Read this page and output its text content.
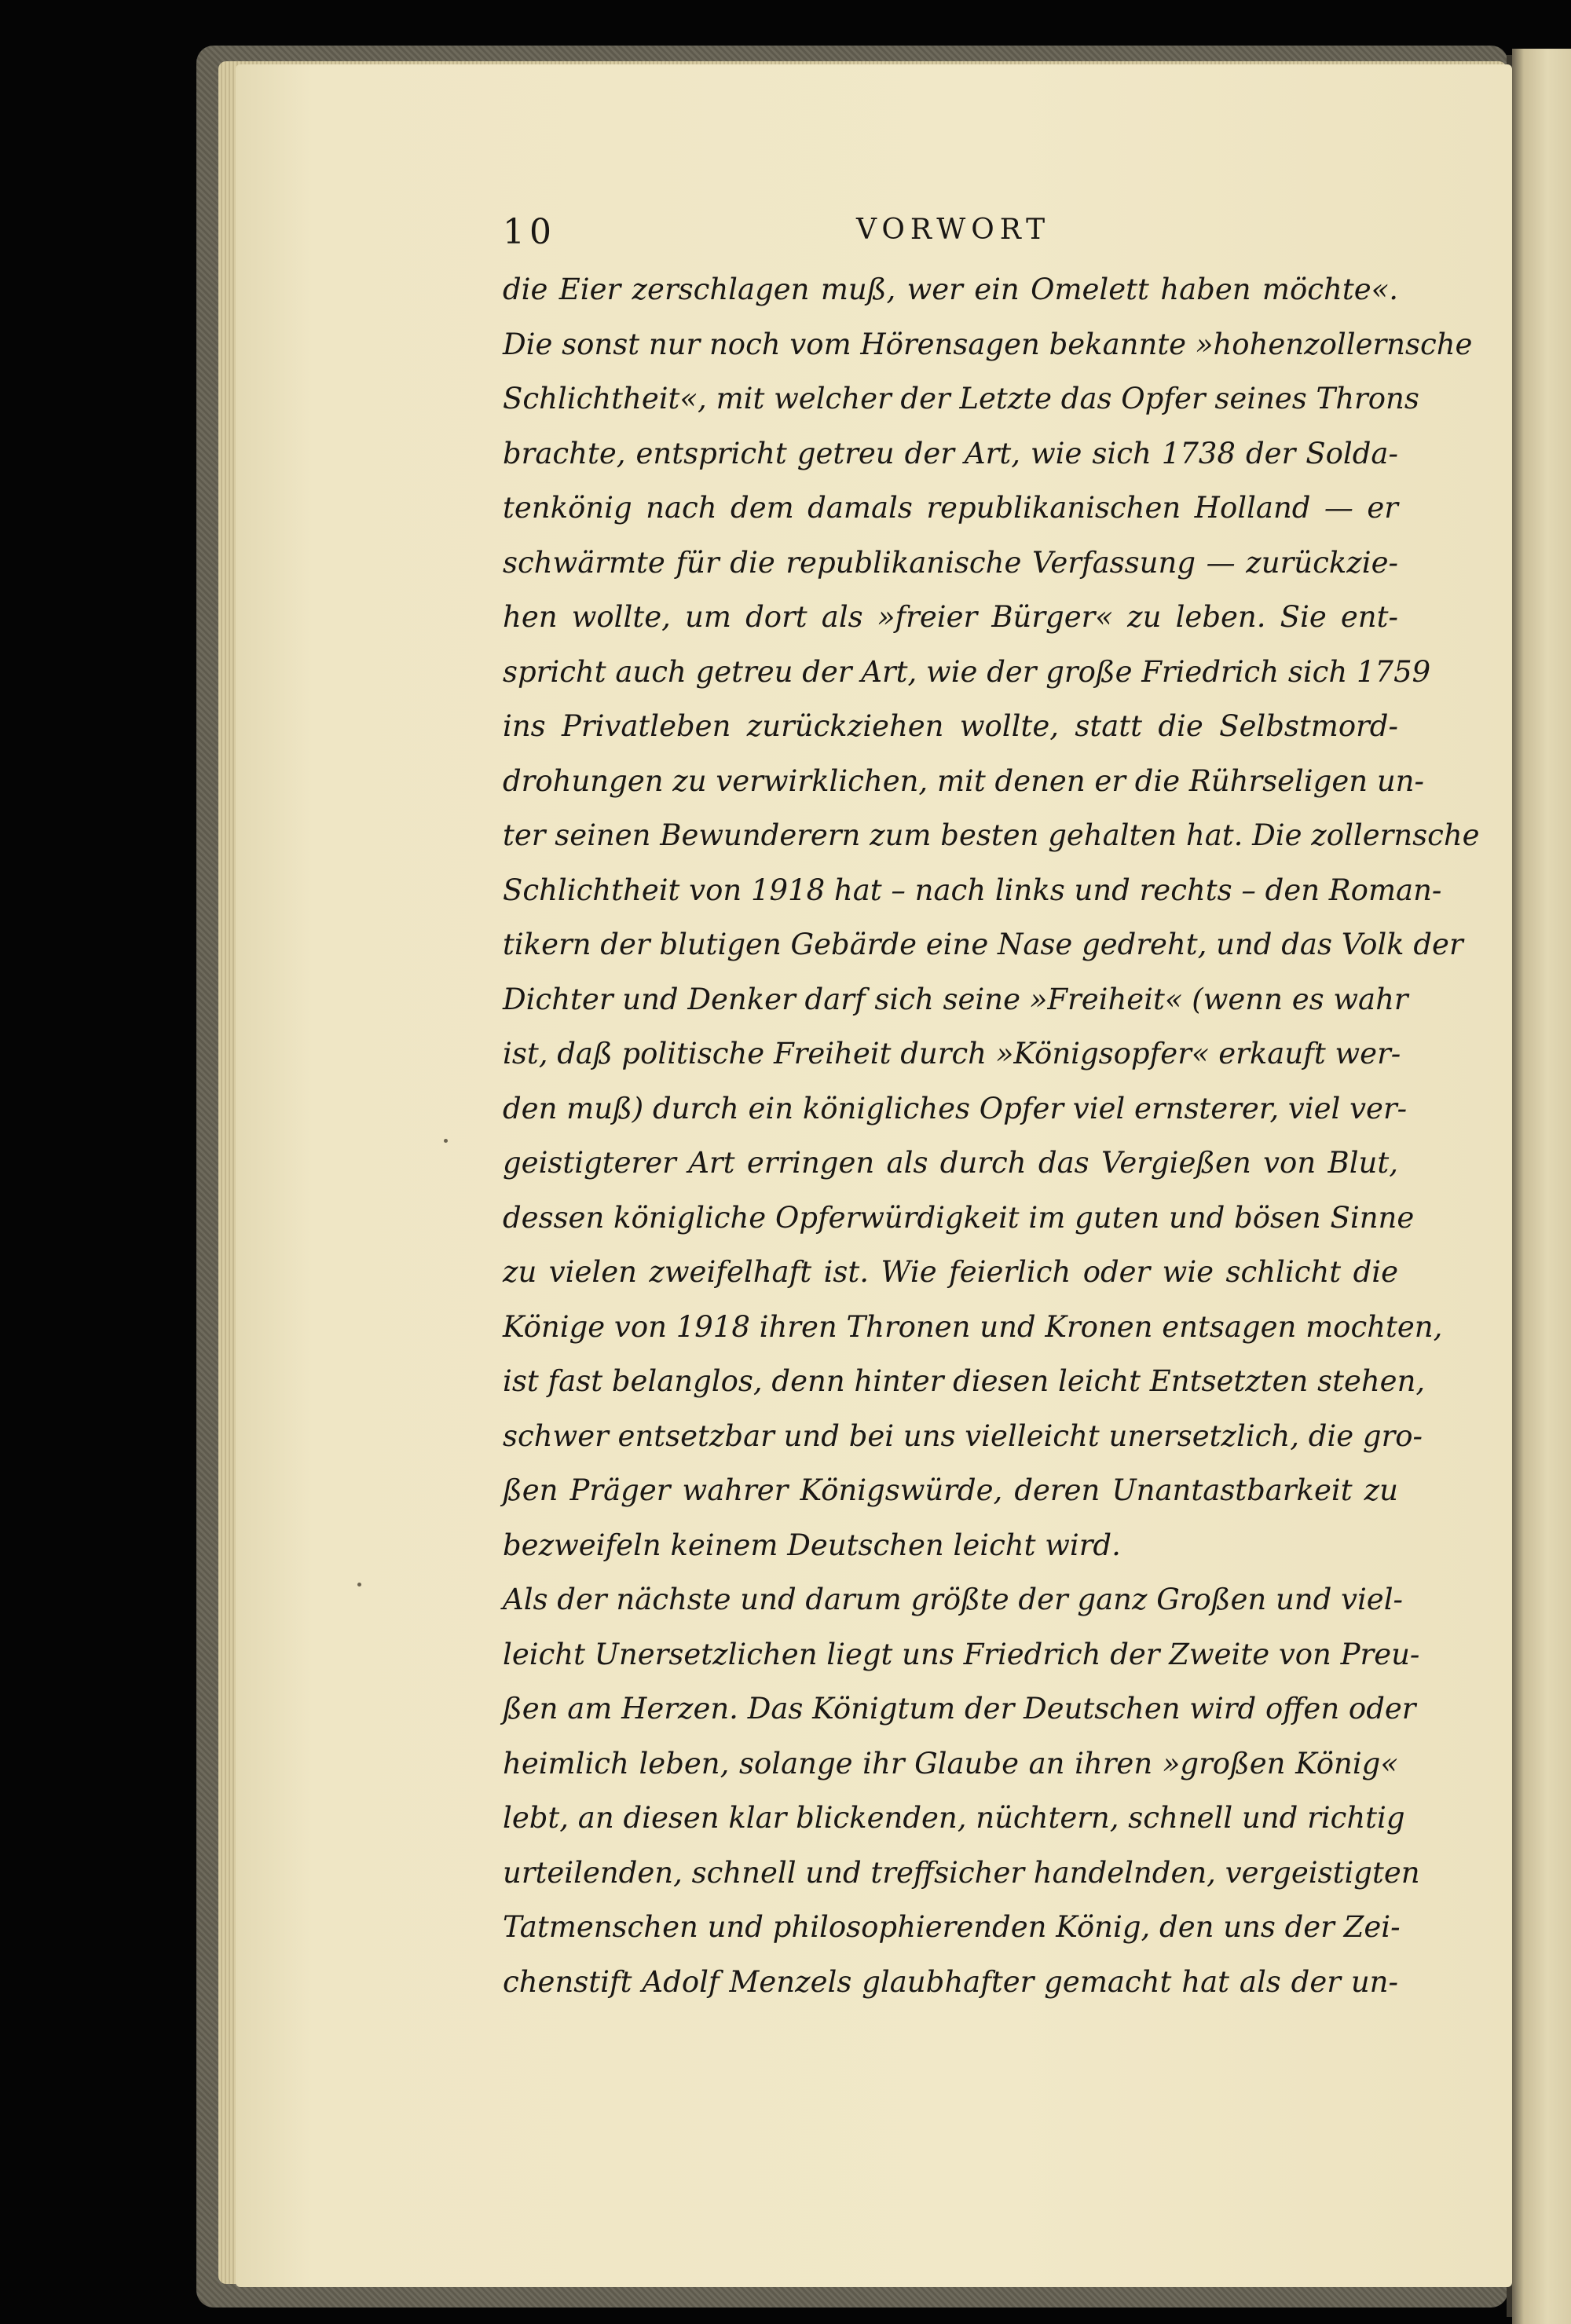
10	VORWORT
die Eier zerschlagen muß, wer ein Omelett haben möchte«.
Die sonst nur noch vom Hörensagen bekannte »hohenzollernsche
Schlichtheit«, mit welcher der Letzte das Opfer seines Throns
brachte, entspricht getreu der Art, wie sich 1738 der Solda-
tenkönig nach dem damals republikanischen Holland — er
schwärmte für die republikanische Verfassung — zurückzie-
hen wollte, um dort als »freier Bürger« zu leben. Sie ent-
spricht auch getreu der Art, wie der große Friedrich sich 1759
ins Privatleben zurückziehen wollte, statt die Selbstmord-
drohungen zu verwirklichen, mit denen er die Rührseligen un-
ter seinen Bewunderern zum besten gehalten hat. Die zollernsche
Schlichtheit von 1918 hat – nach links und rechts – den Roman-
tikern der blutigen Gebärde eine Nase gedreht, und das Volk der
Dichter und Denker darf sich seine »Freiheit« (wenn es wahr
ist, daß politische Freiheit durch »Königsopfer« erkauft wer-
den muß) durch ein königliches Opfer viel ernsterer, viel ver-
geistigterer Art erringen als durch das Vergießen von Blut,
dessen königliche Opferwürdigkeit im guten und bösen Sinne
zu vielen zweifelhaft ist. Wie feierlich oder wie schlicht die
Könige von 1918 ihren Thronen und Kronen entsagen mochten,
ist fast belanglos, denn hinter diesen leicht Entsetzten stehen,
schwer entsetzbar und bei uns vielleicht unersetzlich, die gro-
ßen Präger wahrer Königswürde, deren Unantastbarkeit zu
bezweifeln keinem Deutschen leicht wird.
Als der nächste und darum größte der ganz Großen und viel-
leicht Unersetzlichen liegt uns Friedrich der Zweite von Preu-
ßen am Herzen. Das Königtum der Deutschen wird offen oder
heimlich leben, solange ihr Glaube an ihren »großen König«
lebt, an diesen klar blickenden, nüchtern, schnell und richtig
urteilenden, schnell und treffsicher handelnden, vergeistigten
Tatmenschen und philosophierenden König, den uns der Zei-
chenstift Adolf Menzels glaubhafter gemacht hat als der un-
